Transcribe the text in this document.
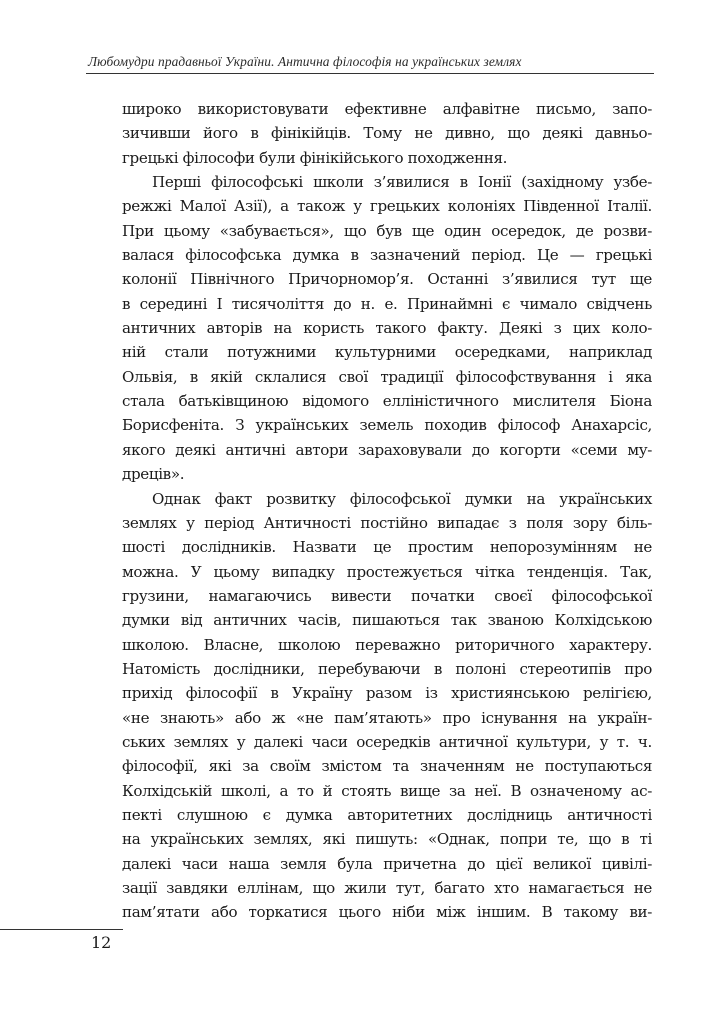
Любомудри прадавньої України. Антична філософія на українських землях
широко використовувати ефективне алфавітне письмо, запо-
зичивши його в фінікійців. Тому не дивно, що деякі давньо-
грецькі філософи були фінікійського походження.
Перші філософські школи з’явилися в Іонії (західному узбе-
режжі Малої Азії), а також у грецьких колоніях Південної Італії.
При цьому «забувається», що був ще один осередок, де розви-
валася філософська думка в зазначений період. Це — грецькі
колонії Північного Причорномор’я. Останні з’явилися тут ще
в середині I тисячоліття до н. е. Принаймні є чимало свідчень
античних авторів на користь такого факту. Деякі з цих коло-
ній стали потужними культурними осередками, наприклад
Ольвія, в якій склалися свої традиції філософствування і яка
стала батьківщиною відомого елліністичного мислителя Біона
Борисфеніта. З українських земель походив філософ Анахарсіс,
якого деякі античні автори зараховували до когорти «семи му-
дреців».
Однак факт розвитку філософської думки на українських
землях у період Античності постійно випадає з поля зору біль-
шості дослідників. Назвати це простим непорозумінням не
можна. У цьому випадку простежується чітка тенденція. Так,
грузини, намагаючись вивести початки своєї філософської
думки від античних часів, пишаються так званою Колхідською
школою. Власне, школою переважно риторичного характеру.
Натомість дослідники, перебуваючи в полоні стереотипів про
прихід філософії в Україну разом із християнською релігією,
«не знають» або ж «не пам’ятають» про існування на україн-
ських землях у далекі часи осередків античної культури, у т. ч.
філософії, які за своїм змістом та значенням не поступаються
Колхідській школі, а то й стоять вище за неї. В означеному ас-
пекті слушною є думка авторитетних дослідниць античності
на українських землях, які пишуть: «Однак, попри те, що в ті
далекі часи наша земля була причетна до цієї великої цивілі-
зації завдяки еллінам, що жили тут, багато хто намагається не
пам’ятати або торкатися цього ніби між іншим. В такому ви-
12
